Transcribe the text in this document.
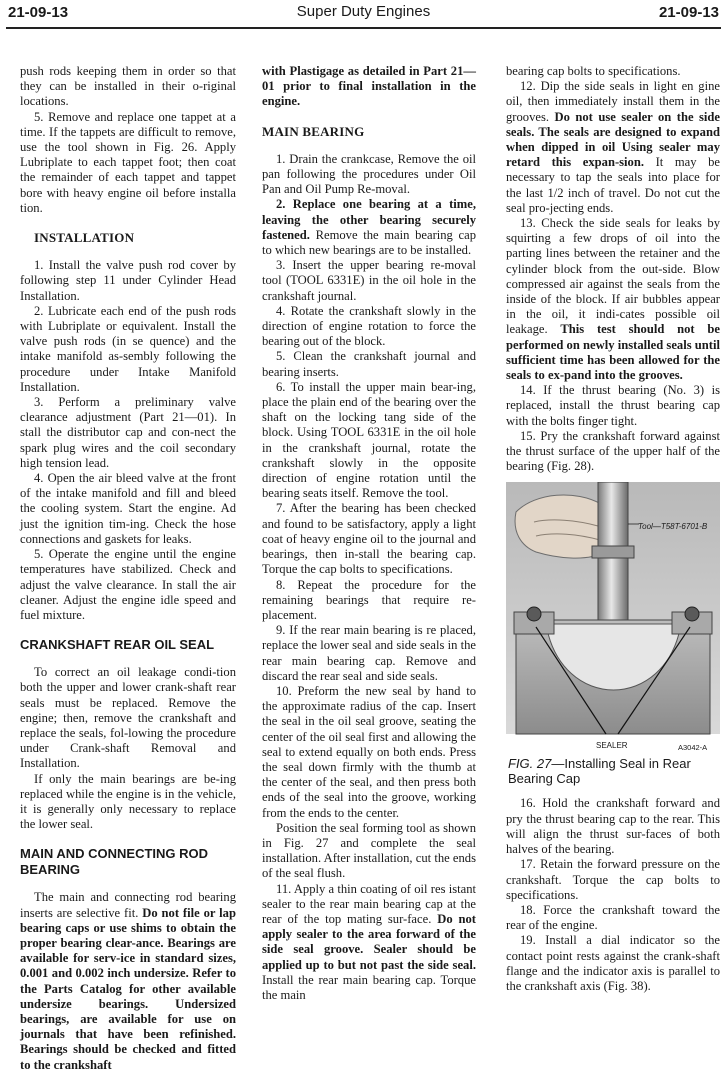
21-09-13	Super Duty Engines	21-09-13

push rods keeping them in order so that they can be installed in their o-riginal locations.

5. Remove and replace one tappet at a time. If the tappets are difficult to remove, use the tool shown in Fig. 26. Apply Lubriplate to each tappet foot; then coat the remainder of each tappet and tappet bore with heavy engine oil before installa tion.

INSTALLATION

1. Install the valve push rod cover by following step 11 under Cylinder Head Installation.

2. Lubricate each end of the push rods with Lubriplate or equivalent. Install the valve push rods (in se quence) and the intake manifold as-sembly following the procedure under Intake Manifold Installation.

3. Perform a preliminary valve clearance adjustment (Part 21—01). In stall the distributor cap and con-nect the spark plug wires and the coil secondary high tension lead.

4. Open the air bleed valve at the front of the intake manifold and fill and bleed the cooling system. Start the engine. Ad just the ignition tim-ing. Check the hose connections and gaskets for leaks.

5. Operate the engine until the engine temperatures have stabilized. Check and adjust the valve clearance. In stall the air cleaner. Adjust the engine idle speed and fuel mixture.

CRANKSHAFT REAR OIL SEAL

To correct an oil leakage condi-tion both the upper and lower crank-shaft rear seals must be replaced. Remove the engine; then, remove the crankshaft and replace the seals, fol-lowing the procedure under Crank-shaft Removal and Installation.

If only the main bearings are be-ing replaced while the engine is in the vehicle, it is generally only necessary to replace the lower seal.

MAIN AND CONNECTING ROD BEARING

The main and connecting rod bearing inserts are selective fit. Do not file or lap bearing caps or use shims to obtain the proper bearing clear-ance. Bearings are available for serv-ice in standard sizes, 0.001 and 0.002 inch undersize. Refer to the Parts Catalog for other available undersize bearings. Undersized bearings, are available for use on journals that have been refinished. Bearings should be checked and fitted to the crankshaft

with Plastigage as detailed in Part 21—01 prior to final installation in the engine.

MAIN BEARING

1. Drain the crankcase, Remove the oil pan following the procedures under Oil Pan and Oil Pump Re-moval.

2. Replace one bearing at a time, leaving the other bearing securely fastened. Remove the main bearing cap to which new bearings are to be installed.

3. Insert the upper bearing re-moval tool (TOOL 6331E) in the oil hole in the crankshaft journal.

4. Rotate the crankshaft slowly in the direction of engine rotation to force the bearing out of the block.

5. Clean the crankshaft journal and bearing inserts.

6. To install the upper main bear-ing, place the plain end of the bearing over the shaft on the locking tang side of the block. Using TOOL 6331E in the oil hole in the crankshaft journal, rotate the crankshaft slowly in the opposite direction of engine rotation until the bearing seats itself. Remove the tool.

7. After the bearing has been checked and found to be satisfactory, apply a light coat of heavy engine oil to the journal and bearings, then in-stall the bearing cap. Torque the cap bolts to specifications.

8. Repeat the procedure for the remaining bearings that require re-placement.

9. If the rear main bearing is re placed, replace the lower seal and side seals in the rear main bearing cap. Remove and discard the rear seal and side seals.

10. Preform the new seal by hand to the approximate radius of the cap. Insert the seal in the oil seal groove, seating the center of the oil seal first and allowing the seal to extend equally on both ends. Press the seal down firmly with the thumb at the center of the seal, and then press both ends of the seal into the groove, working from the ends to the center.

Position the seal forming tool as shown in Fig. 27 and complete the seal installation. After installation, cut the ends of the seal flush.

11. Apply a thin coating of oil res istant sealer to the rear main bearing cap at the rear of the top mating sur-face. Do not apply sealer to the area forward of the side seal groove. Sealer should be applied up to but not past the side seal. Install the rear main bearing cap. Torque the main

bearing cap bolts to specifications.

12. Dip the side seals in light en gine oil, then immediately install them in the grooves. Do not use sealer on the side seals. The seals are designed to expand when dipped in oil Using sealer may retard this expan-sion. It may be necessary to tap the seals into place for the last 1/2 inch of travel. Do not cut the seal pro-jecting ends.

13. Check the side seals for leaks by squirting a few drops of oil into the parting lines between the retainer and the cylinder block from the out-side. Blow compressed air against the seals from the inside of the block. If air bubbles appear in the oil, it indi-cates possible oil leakage. This test should not be performed on newly installed seals until sufficient time has been allowed for the seals to ex-pand into the grooves.

14. If the thrust bearing (No. 3) is replaced, install the thrust bearing cap with the bolts finger tight.

15. Pry the crankshaft forward against the thrust surface of the upper half of the bearing (Fig. 28).

Tool—T58T-6701-B
SEALER	A3042-A
FIG. 27—Installing Seal in Rear Bearing Cap

16. Hold the crankshaft forward and pry the thrust bearing cap to the rear. This will align the thrust sur-faces of both halves of the bearing.

17. Retain the forward pressure on the crankshaft. Torque the cap bolts to specifications.

18. Force the crankshaft toward the rear of the engine.

19. Install a dial indicator so the contact point rests against the crank-shaft flange and the indicator axis is parallel to the crankshaft axis (Fig. 38).
